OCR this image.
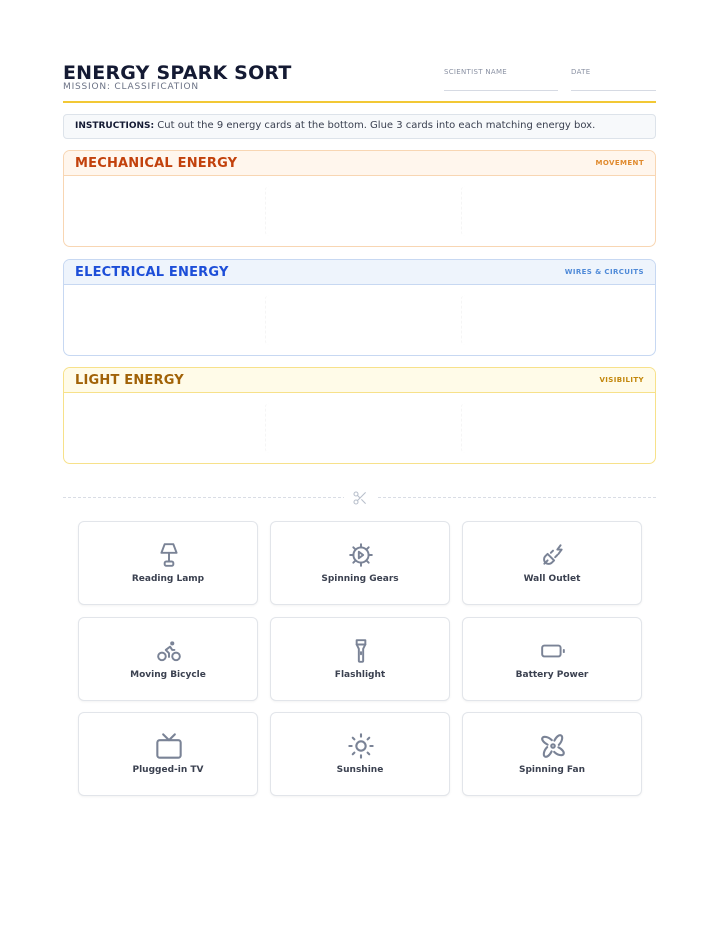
ENERGY SPARK SORT
MISSION: CLASSIFICATION
SCIENTIST NAME	DATE
INSTRUCTIONS: Cut out the 9 energy cards at the bottom. Glue 3 cards into each matching energy box.
MECHANICAL ENERGY	MOVEMENT
ELECTRICAL ENERGY	WIRES & CIRCUITS
LIGHT ENERGY	VISIBILITY
Reading Lamp	Spinning Gears	Wall Outlet
Moving Bicycle	Flashlight	Battery Power
Plugged-in TV	Sunshine	Spinning Fan
